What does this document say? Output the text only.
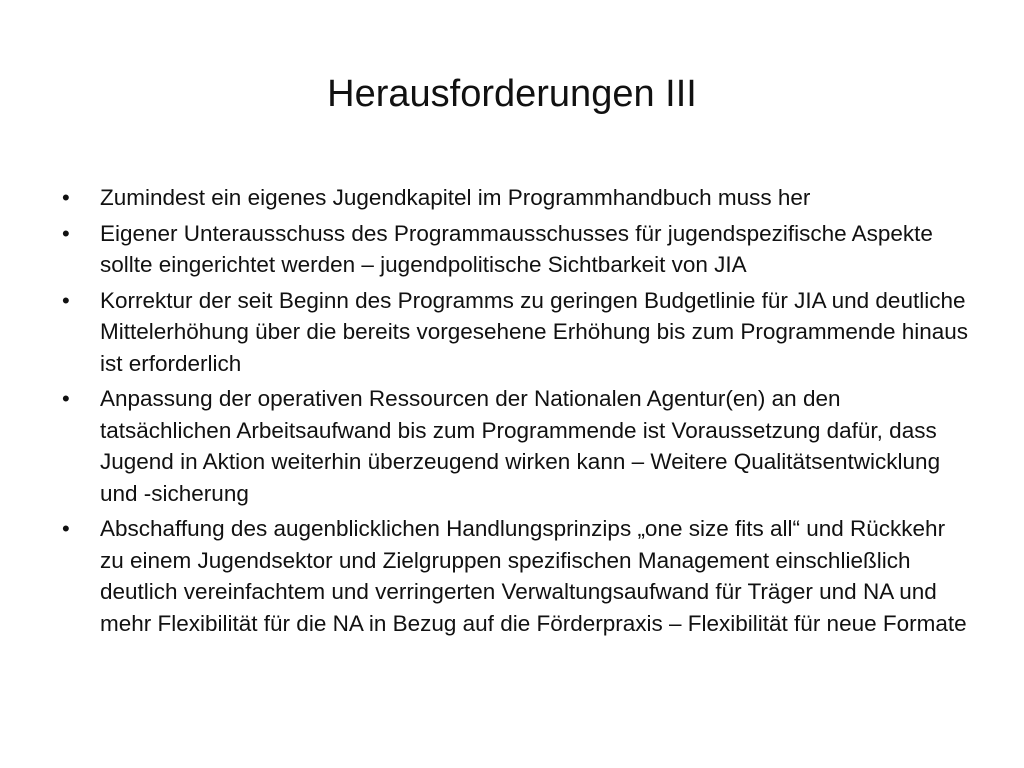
Herausforderungen III
•	Zumindest ein eigenes Jugendkapitel im Programmhandbuch muss her
•	Eigener Unterausschuss des Programmausschusses für jugendspezifische Aspekte sollte eingerichtet werden – jugendpolitische Sichtbarkeit von JIA
•	Korrektur der seit Beginn des Programms zu geringen Budgetlinie für JIA und deutliche Mittelerhöhung über die bereits vorgesehene Erhöhung bis zum Programmende hinaus ist erforderlich
•	Anpassung der operativen Ressourcen der Nationalen Agentur(en) an den tatsächlichen Arbeitsaufwand bis zum Programmende ist Voraussetzung dafür, dass Jugend in Aktion weiterhin überzeugend wirken kann – Weitere Qualitätsentwicklung und -sicherung
•	Abschaffung des augenblicklichen Handlungsprinzips „one size fits all“ und Rückkehr zu einem Jugendsektor und Zielgruppen spezifischen Management einschließlich deutlich vereinfachtem und verringerten Verwaltungsaufwand für Träger und NA und mehr Flexibilität für die NA in Bezug auf die Förderpraxis – Flexibilität für neue Formate
